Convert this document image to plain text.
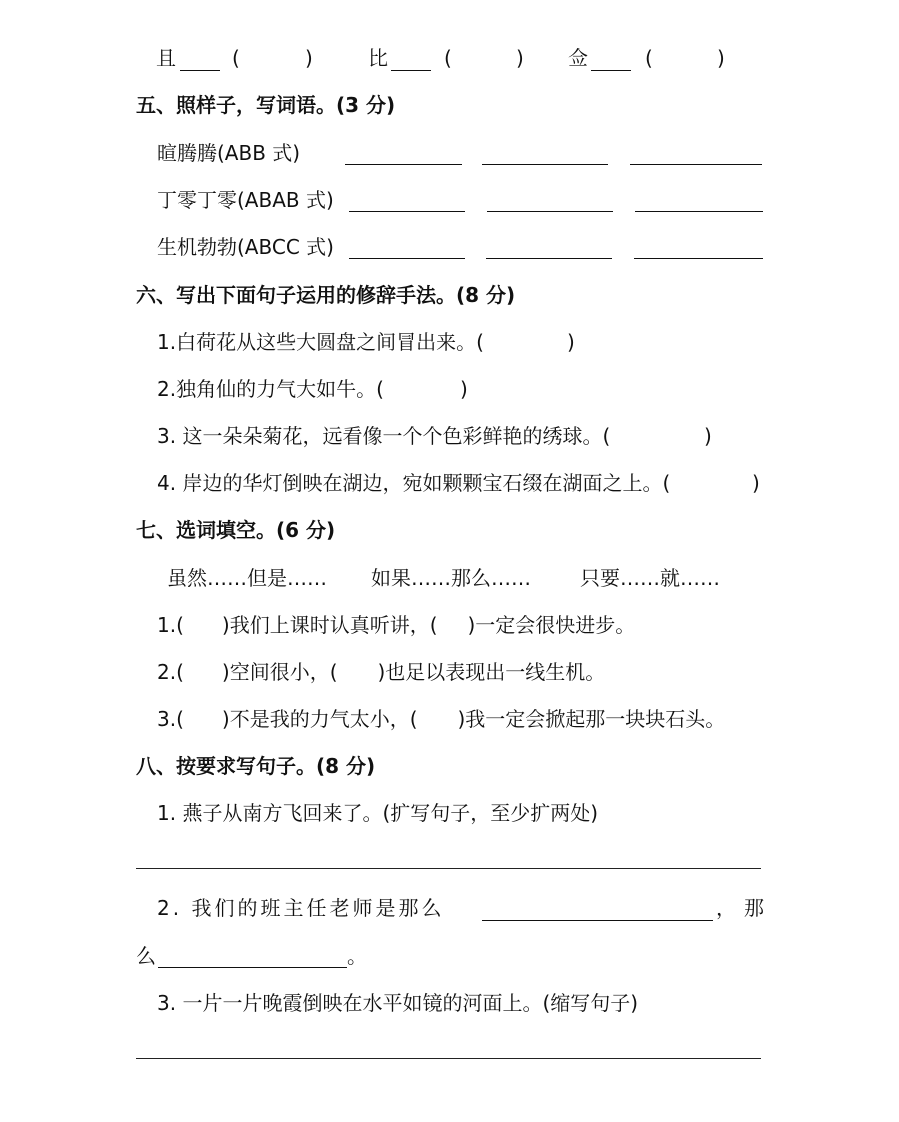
且	(	)	比	(	) 佥	(	)
五、照样子，写词语。(3 分)
暄腾腾(ABB 式)
丁零丁零(ABAB 式)
生机勃勃(ABCC 式)
六、写出下面句子运用的修辞手法。(8 分)
1.白荷花从这些大圆盘之间冒出来。(	)
2.独角仙的力气大如牛。(	)
3. 这一朵朵菊花，远看像一个个色彩鲜艳的绣球。(	)
4. 岸边的华灯倒映在湖边，宛如颗颗宝石缀在湖面之上。(	)
七、选词填空。(6 分)
虽然……但是…… 如果……那么…… 只要……就……
1.( )我们上课时认真听讲，( )一定会很快进步。
2.( )空间很小，( )也足以表现出一线生机。
3.( )不是我的力气太小，( )我一定会掀起那一块块石头。
八、按要求写句子。(8 分)
1. 燕子从南方飞回来了。(扩写句子，至少扩两处)
2. 我们的班主任老师是那么	，那
么	。
3. 一片一片晚霞倒映在水平如镜的河面上。(缩写句子)
